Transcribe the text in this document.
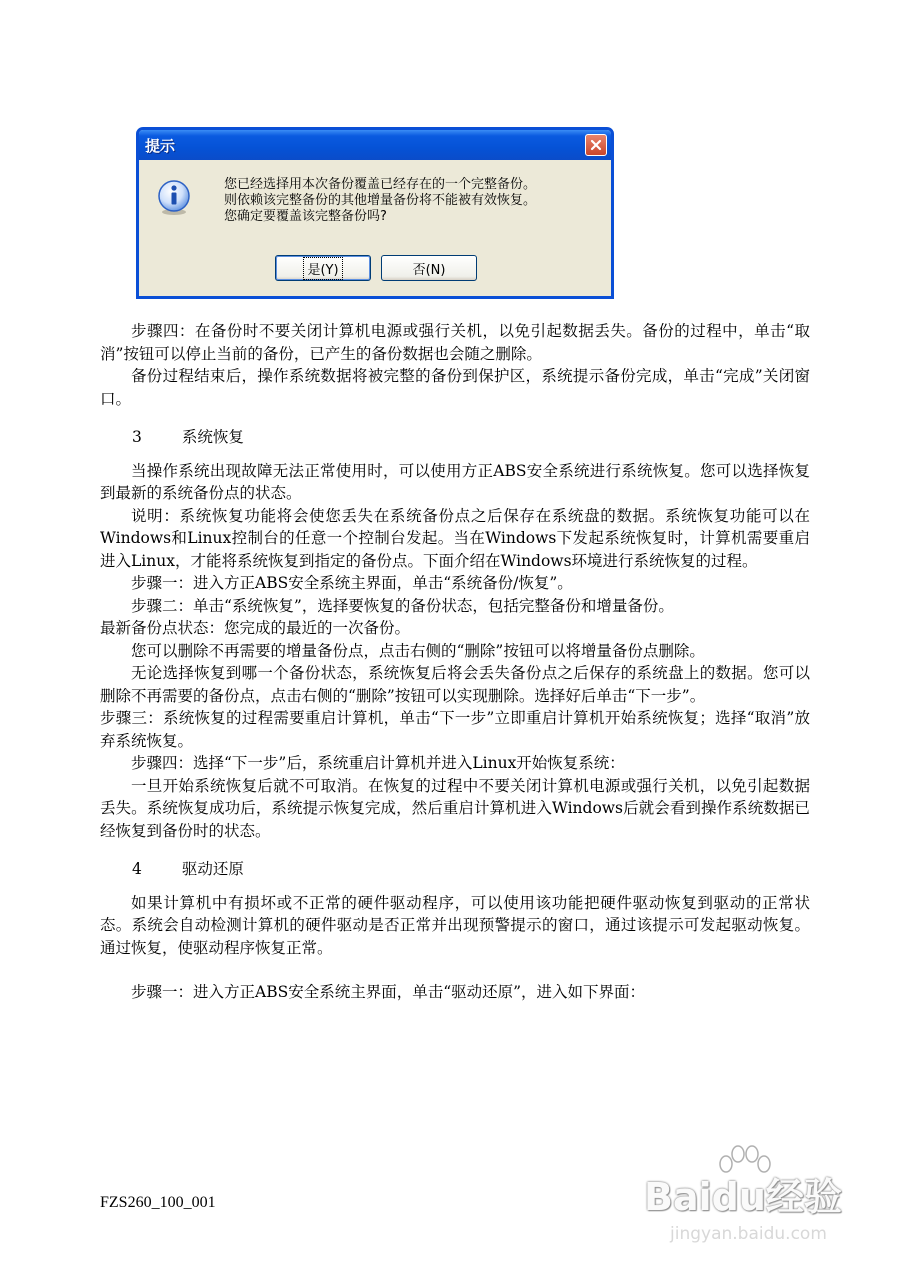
提示
您已经选择用本次备份覆盖已经存在的一个完整备份。
则依赖该完整备份的其他增量备份将不能被有效恢复。
您确定要覆盖该完整备份吗?
是(Y)	否(N)

步骤四：在备份时不要关闭计算机电源或强行关机，以免引起数据丢失。备份的过程中，单击“取消”按钮可以停止当前的备份，已产生的备份数据也会随之删除。

备份过程结束后，操作系统数据将被完整的备份到保护区，系统提示备份完成，单击“完成”关闭窗口。

3	系统恢复

当操作系统出现故障无法正常使用时，可以使用方正ABS安全系统进行系统恢复。您可以选择恢复到最新的系统备份点的状态。

说明：系统恢复功能将会使您丢失在系统备份点之后保存在系统盘的数据。系统恢复功能可以在Windows和Linux控制台的任意一个控制台发起。当在Windows下发起系统恢复时，计算机需要重启进入Linux，才能将系统恢复到指定的备份点。下面介绍在Windows环境进行系统恢复的过程。

步骤一：进入方正ABS安全系统主界面，单击“系统备份/恢复”。

步骤二：单击“系统恢复”，选择要恢复的备份状态，包括完整备份和增量备份。

最新备份点状态：您完成的最近的一次备份。

您可以删除不再需要的增量备份点，点击右侧的“删除”按钮可以将增量备份点删除。

无论选择恢复到哪一个备份状态，系统恢复后将会丢失备份点之后保存的系统盘上的数据。您可以删除不再需要的备份点，点击右侧的“删除”按钮可以实现删除。选择好后单击“下一步”。

步骤三：系统恢复的过程需要重启计算机，单击“下一步”立即重启计算机开始系统恢复；选择“取消”放弃系统恢复。

步骤四：选择“下一步”后，系统重启计算机并进入Linux开始恢复系统：

一旦开始系统恢复后就不可取消。在恢复的过程中不要关闭计算机电源或强行关机，以免引起数据丢失。系统恢复成功后，系统提示恢复完成，然后重启计算机进入Windows后就会看到操作系统数据已经恢复到备份时的状态。

4	驱动还原

如果计算机中有损坏或不正常的硬件驱动程序，可以使用该功能把硬件驱动恢复到驱动的正常状态。系统会自动检测计算机的硬件驱动是否正常并出现预警提示的窗口，通过该提示可发起驱动恢复。通过恢复，使驱动程序恢复正常。

步骤一：进入方正ABS安全系统主界面，单击“驱动还原”，进入如下界面：

FZS260_100_001	Baidu经验
jingyan.baidu.com
